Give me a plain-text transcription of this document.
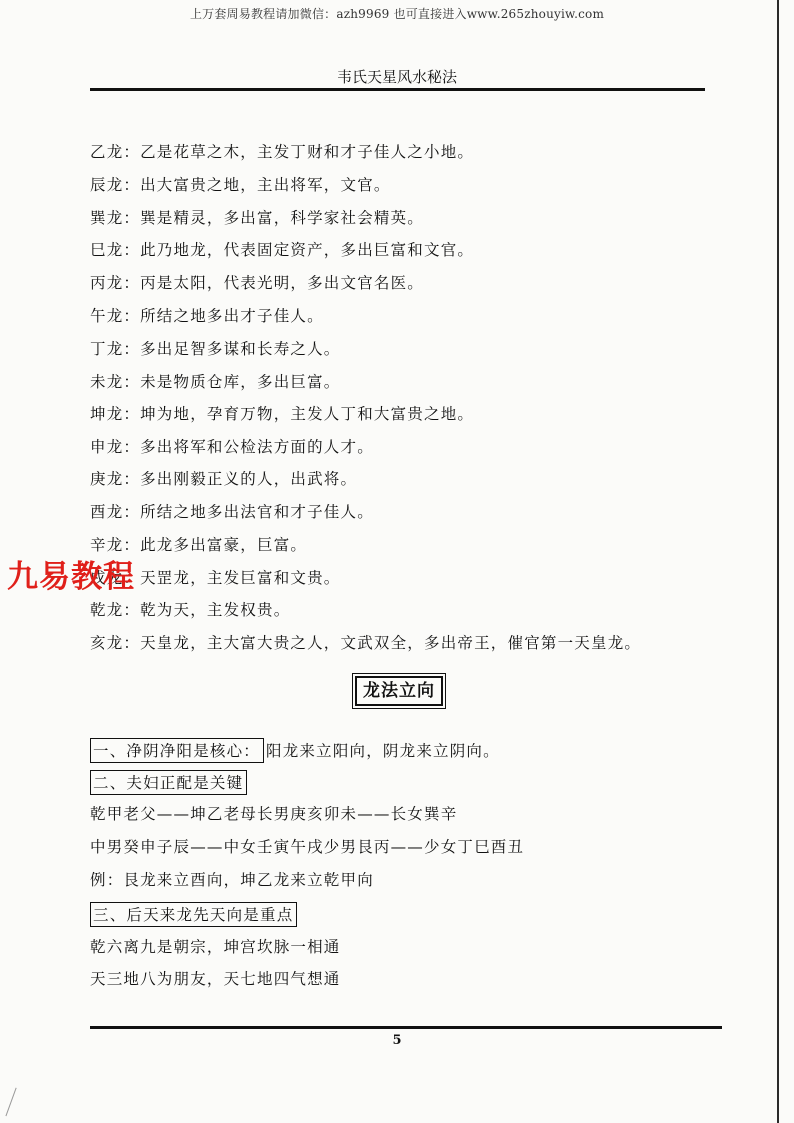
上万套周易教程请加微信：azh9969 也可直接进入www.265zhouyiw.com
韦氏天星风水秘法
乙龙：乙是花草之木，主发丁财和才子佳人之小地。
辰龙：出大富贵之地，主出将军，文官。
巽龙：巽是精灵，多出富，科学家社会精英。
巳龙：此乃地龙，代表固定资产，多出巨富和文官。
丙龙：丙是太阳，代表光明，多出文官名医。
午龙：所结之地多出才子佳人。
丁龙：多出足智多谋和长寿之人。
未龙：未是物质仓库，多出巨富。
坤龙：坤为地，孕育万物，主发人丁和大富贵之地。
申龙：多出将军和公检法方面的人才。
庚龙：多出刚毅正义的人，出武将。
酉龙：所结之地多出法官和才子佳人。
辛龙：此龙多出富豪，巨富。
戌龙：天罡龙，主发巨富和文贵。
乾龙：乾为天，主发权贵。
亥龙：天皇龙，主大富大贵之人，文武双全，多出帝王，催官第一天皇龙。
九易教程
龙法立向
一、净阴净阳是核心： 阳龙来立阳向，阴龙来立阴向。
二、夫妇正配是关键
乾甲老父——坤乙老母长男庚亥卯未——长女巽辛
中男癸申子辰——中女壬寅午戌少男艮丙——少女丁巳酉丑
例：艮龙来立酉向，坤乙龙来立乾甲向
三、后天来龙先天向是重点
乾六离九是朝宗，坤宫坎脉一相通
天三地八为朋友，天七地四气想通
5
